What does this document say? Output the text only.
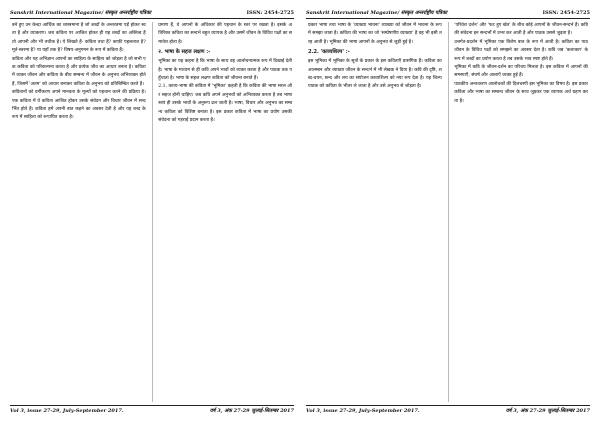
Sanskrit International Magazine/ संस्कृत अन्तर्राष्ट्रीय पत्रिका	ISSN: 2454-2725

बने हुए उन केन्द्रा आर्थिक का शास्त्रमाना है जो शब्दों के अन्तरतमा पड़ें होकर स्वता है और व्याकरण। जब कविता पर आश्रित होकर ही यह शब्दों का अस्तित्व है तो आपनी और भी तथीक है। ये लिखते हैं- कविता तथा हैं? काफ़ी पहलताश है? मूर्त-स्तरमा है? या यहाँ तक है? विषय-अनुगमन के रूप में कविता हैं।

कविता और यह अभिज्ञान आपनों का साहित्य के साहित्य को जोड़ता है जो सभी एक कविता को परिकल्पना करता है और प्रत्येक जीव का आधार बनता है। कविता में व्यक्त जीवन और कविता के बीच सम्बन्ध में जीवन के अनुभव अभिव्यक्त होते हैं, जिसमें 'अतम' को आधार बनाकर कविता के अनुभव को प्रतिबिम्बित करते हैं।

कवितानों को वर्गीकरण अपने मानवता के मूल्यों को पहचान करने की प्रक्रिया है। एक कविता में वे कविता आश्रित होकर उसके संवेदन और विचार जीवन में सन्दर्भित होते हैं। कविता हमें अपनी बात कहने का अवसर देती है और यह शब्द के रूप में साहित्य को रूपायित करता है।

प्रमाण हैं, वे आपनों के अधिकार की पहचान के स्तर पर रखता है। इसके अतिरिक्त कविता का सन्दर्भ बहुत व्यापक है और उसमें जीवन के विविध पक्षों का समावेश होता है।

२. भाषा के सहज लक्षण :-

भूमिका का यह कहना है कि भाषा के साथ वह आलोचनात्मक रूप में दिखाई देती है। भाषा के माध्यम से ही कवि अपने भावों को व्यक्त करता है और पाठक तक पहुँचाता है। भाषा के सहज लक्षण कविता को जीवन्त बनाते हैं।

2.1. काव्य-भाषा की कविता में 'भूमिका' कहती है कि कविता की भाषा सरल और सहज होनी चाहिए। जब कवि अपने अनुभवों को अभिव्यक्त करता है तब भाषा स्वयं ही उसके भावों के अनुरूप ढल जाती है। भाषा, विचार और अनुभव का सम्बन्ध कविता को विशिष्ट बनाता है। इस प्रकार कविता में भाषा का प्रयोग उसकी संवेदना को गहराई प्रदान करता है।

Vol 3, issue 27-29, July-September 2017.	वर्ष 3, अंक 27-29 जुलाई-सितम्बर 2017
Sanskrit International Magazine/ संस्कृत अन्तर्राष्ट्रीय पत्रिका	ISSN: 2454-2725

प्रकार भाषा तथा भाषा के 'व्याख्या भावना' व्याख्या को जीवन में भावना के रूप में समझा जाता है। कविता की भाषा का जो 'सम्प्रेषणीय व्याख्या' है वह भी इसी तरह आती है। भूमिका की भाषा आपनों के अनुभव से जुड़ी हुई है।

2.2. 'काव्यशिल्प' :-

इस भूमिका में भूमिका के सूत्रों के प्रकार के इस कविताएँ प्रासंगिक हैं। कविता का आलम्बन और व्याख्या जीवन के सन्दर्भ में भी लेखक ने दिया है। कवि की दृष्टि, शब्द-चयन, छन्द और लय का संयोजन काव्यशिल्प को नया रूप देता है। यह शिल्प पाठक को कविता के भीतर ले जाता है और उसे अनुभव से जोड़ता है।

'परिवेश दर्शन' और 'फट हुए खेत' के बीच कोई आपनों के जीवन-सन्दर्भ हैं। कवि की संवेदना इन सन्दर्भों में उभर कर आती है और पाठक उससे जुड़ता है।

उत्तर्गत-प्रदर्शन में भूमिका एक विशेष बात के रूप में आती है। कविता का पाठ जीवन के विविध पक्षों को समझने का अवसर देता है। कवि जब 'कलाकार' के रूप में शब्दों का प्रयोग करता है तब उसके भाव स्पष्ट होते हैं।

भूमिका में कवि के जीवन-दर्शन का परिचय मिलता है। इस कविता में आपनों की समस्याएँ, संघर्ष और आशाएँ व्यक्त हुई हैं।

पाठकीय अन्तःकरण आलोचकों की दिलचस्पी इस भूमिका का विषय है। इस प्रकार कविता और भाषा का सम्बन्ध जीवन के साथ जुड़कर एक व्यापक अर्थ ग्रहण करता है।

Vol 3, issue 27-29, July-September 2017.	वर्ष 3, अंक 27-29 जुलाई-सितम्बर 2017
